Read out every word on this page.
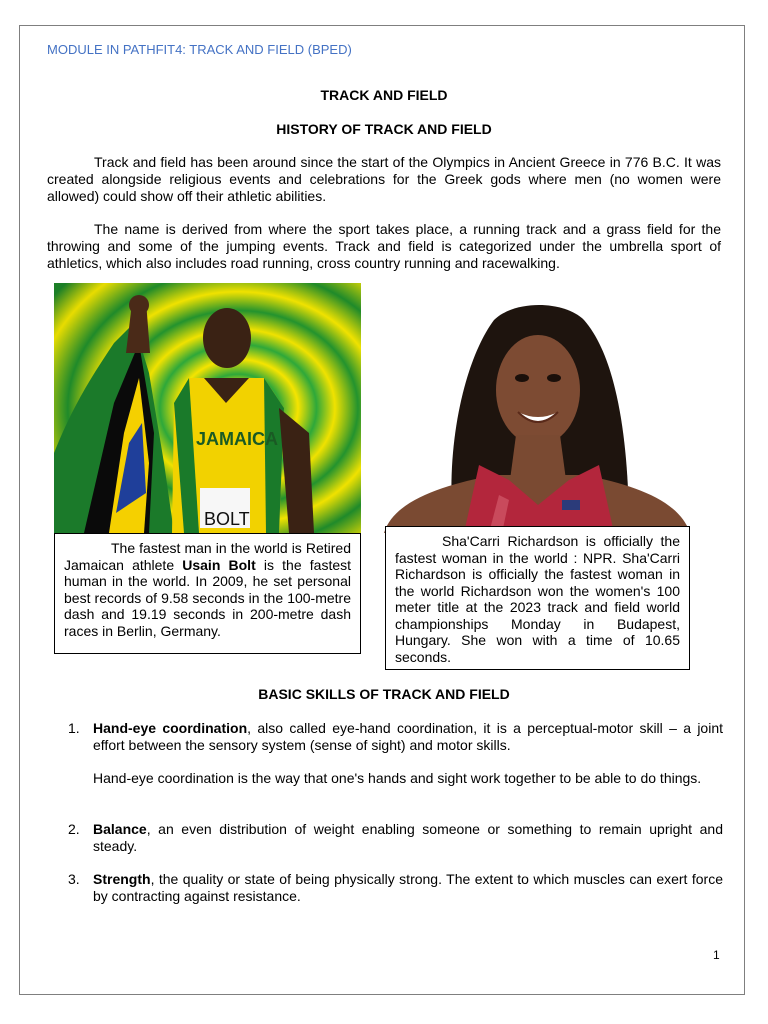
MODULE IN PATHFIT4: TRACK AND FIELD (BPED)
TRACK AND FIELD
HISTORY OF TRACK AND FIELD
Track and field has been around since the start of the Olympics in Ancient Greece in 776 B.C. It was created alongside religious events and celebrations for the Greek gods where men (no women were allowed) could show off their athletic abilities.
The name is derived from where the sport takes place, a running track and a grass field for the throwing and some of the jumping events. Track and field is categorized under the umbrella sport of athletics, which also includes road running, cross country running and racewalking.
JAMAICA
BOLT
The fastest man in the world is Retired Jamaican athlete Usain Bolt is the fastest human in the world. In 2009, he set personal best records of 9.58 seconds in the 100-metre dash and 19.19 seconds in 200-metre dash races in Berlin, Germany.
Sha'Carri Richardson is officially the fastest woman in the world : NPR. Sha'Carri Richardson is officially the fastest woman in the world Richardson won the women's 100 meter title at the 2023 track and field world championships Monday in Budapest, Hungary. She won with a time of 10.65 seconds.
BASIC SKILLS OF TRACK AND FIELD
1. Hand-eye coordination, also called eye-hand coordination, it is a perceptual-motor skill – a joint effort between the sensory system (sense of sight) and motor skills.
Hand-eye coordination is the way that one's hands and sight work together to be able to do things.
2. Balance, an even distribution of weight enabling someone or something to remain upright and steady.
3. Strength, the quality or state of being physically strong. The extent to which muscles can exert force by contracting against resistance.
1
